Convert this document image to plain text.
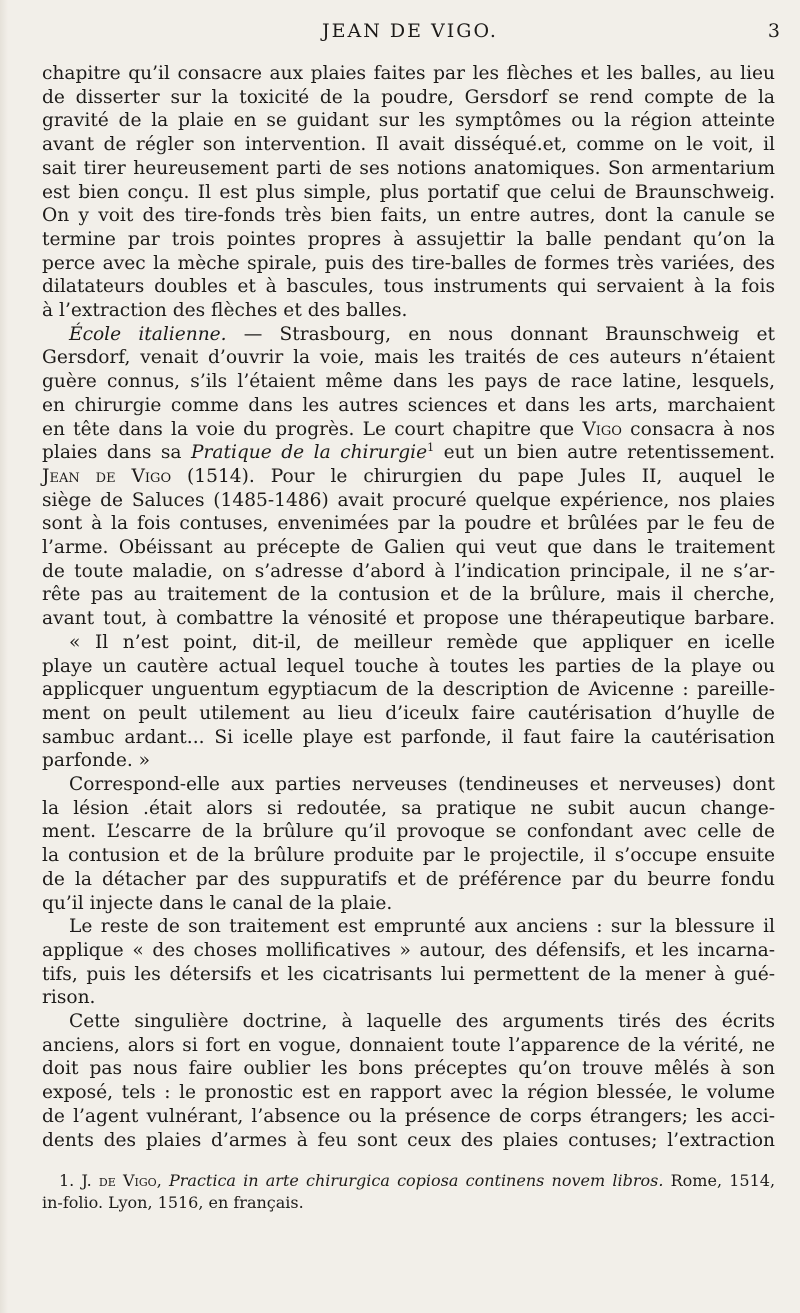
JEAN DE VIGO.	3
chapitre qu’il consacre aux plaies faites par les flèches et les balles, au lieu
de disserter sur la toxicité de la poudre, Gersdorf se rend compte de la
gravité de la plaie en se guidant sur les symptômes ou la région atteinte
avant de régler son intervention. Il avait disséqué.et, comme on le voit, il
sait tirer heureusement parti de ses notions anatomiques. Son armentarium
est bien conçu. Il est plus simple, plus portatif que celui de Braunschweig.
On y voit des tire-fonds très bien faits, un entre autres, dont la canule se
termine par trois pointes propres à assujettir la balle pendant qu’on la
perce avec la mèche spirale, puis des tire-balles de formes très variées, des
dilatateurs doubles et à bascules, tous instruments qui servaient à la fois
à l’extraction des flèches et des balles.
École italienne. — Strasbourg, en nous donnant Braunschweig et
Gersdorf, venait d’ouvrir la voie, mais les traités de ces auteurs n’étaient
guère connus, s’ils l’étaient même dans les pays de race latine, lesquels,
en chirurgie comme dans les autres sciences et dans les arts, marchaient
en tête dans la voie du progrès. Le court chapitre que Vigo consacra à nos
plaies dans sa Pratique de la chirurgie$^1$ eut un bien autre retentissement.
Jean de Vigo (1514). Pour le chirurgien du pape Jules II, auquel le
siège de Saluces (1485-1486) avait procuré quelque expérience, nos plaies
sont à la fois contuses, envenimées par la poudre et brûlées par le feu de
l’arme. Obéissant au précepte de Galien qui veut que dans le traitement
de toute maladie, on s’adresse d’abord à l’indication principale, il ne s’ar-
rête pas au traitement de la contusion et de la brûlure, mais il cherche,
avant tout, à combattre la vénosité et propose une thérapeutique barbare.
« Il n’est point, dit-il, de meilleur remède que appliquer en icelle
playe un cautère actual lequel touche à toutes les parties de la playe ou
applicquer unguentum egyptiacum de la description de Avicenne : pareille-
ment on peult utilement au lieu d’iceulx faire cautérisation d’huylle de
sambuc ardant... Si icelle playe est parfonde, il faut faire la cautérisation
parfonde. »
Correspond-elle aux parties nerveuses (tendineuses et nerveuses) dont
la lésion .était alors si redoutée, sa pratique ne subit aucun change-
ment. L’escarre de la brûlure qu’il provoque se confondant avec celle de
la contusion et de la brûlure produite par le projectile, il s’occupe ensuite
de la détacher par des suppuratifs et de préférence par du beurre fondu
qu’il injecte dans le canal de la plaie.
Le reste de son traitement est emprunté aux anciens : sur la blessure il
applique « des choses mollificatives » autour, des défensifs, et les incarna-
tifs, puis les détersifs et les cicatrisants lui permettent de la mener à gué-
rison.
Cette singulière doctrine, à laquelle des arguments tirés des écrits
anciens, alors si fort en vogue, donnaient toute l’apparence de la vérité, ne
doit pas nous faire oublier les bons préceptes qu’on trouve mêlés à son
exposé, tels : le pronostic est en rapport avec la région blessée, le volume
de l’agent vulnérant, l’absence ou la présence de corps étrangers; les acci-
dents des plaies d’armes à feu sont ceux des plaies contuses; l’extraction
1. J. de Vigo, Practica in arte chirurgica copiosa continens novem libros. Rome, 1514,
in-folio. Lyon, 1516, en français.
